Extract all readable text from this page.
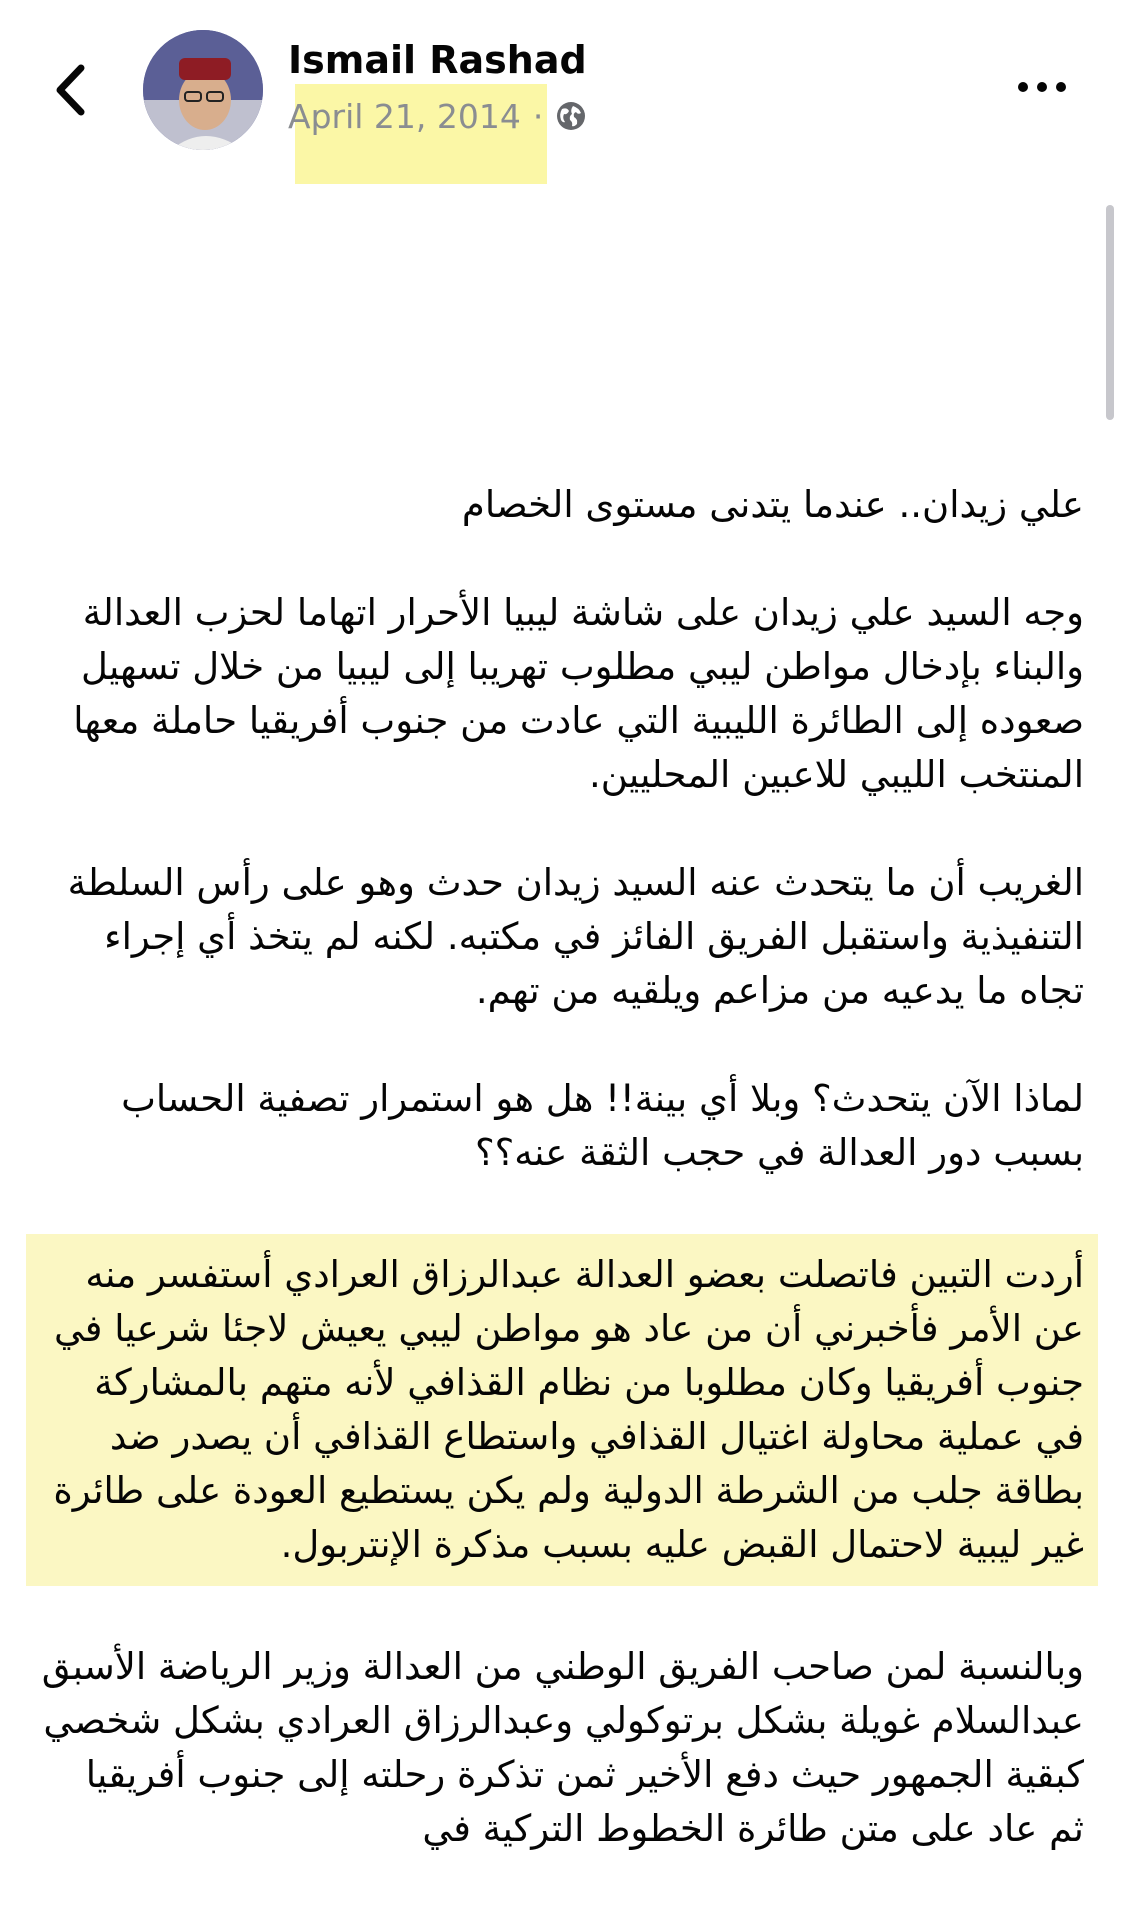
Ismail Rashad
April 21, 2014 ·

علي زيدان.. عندما يتدنى مستوى الخصام

وجه السيد علي زيدان على شاشة ليبيا الأحرار اتهاما لحزب العدالة والبناء بإدخال مواطن ليبي مطلوب تهريبا إلى ليبيا من خلال تسهيل صعوده إلى الطائرة الليبية التي عادت من جنوب أفريقيا حاملة معها المنتخب الليبي للاعبين المحليين.

الغريب أن ما يتحدث عنه السيد زيدان حدث وهو على رأس السلطة التنفيذية واستقبل الفريق الفائز في مكتبه. لكنه لم يتخذ أي إجراء تجاه ما يدعيه من مزاعم ويلقيه من تهم.

لماذا الآن يتحدث؟ وبلا أي بينة!! هل هو استمرار تصفية الحساب بسبب دور العدالة في حجب الثقة عنه؟؟

أردت التبين فاتصلت بعضو العدالة عبدالرزاق العرادي أستفسر منه عن الأمر فأخبرني أن من عاد هو مواطن ليبي يعيش لاجئا شرعيا في جنوب أفريقيا وكان مطلوبا من نظام القذافي لأنه متهم بالمشاركة في عملية محاولة اغتيال القذافي واستطاع القذافي أن يصدر ضد بطاقة جلب من الشرطة الدولية ولم يكن يستطيع العودة على طائرة غير ليبية لاحتمال القبض عليه بسبب مذكرة الإنتربول.

وبالنسبة لمن صاحب الفريق الوطني من العدالة وزير الرياضة الأسبق عبدالسلام غويلة بشكل برتوكولي وعبدالرزاق العرادي بشكل شخصي كبقية الجمهور حيث دفع الأخير ثمن تذكرة رحلته إلى جنوب أفريقيا ثم عاد على متن طائرة الخطوط التركية في
